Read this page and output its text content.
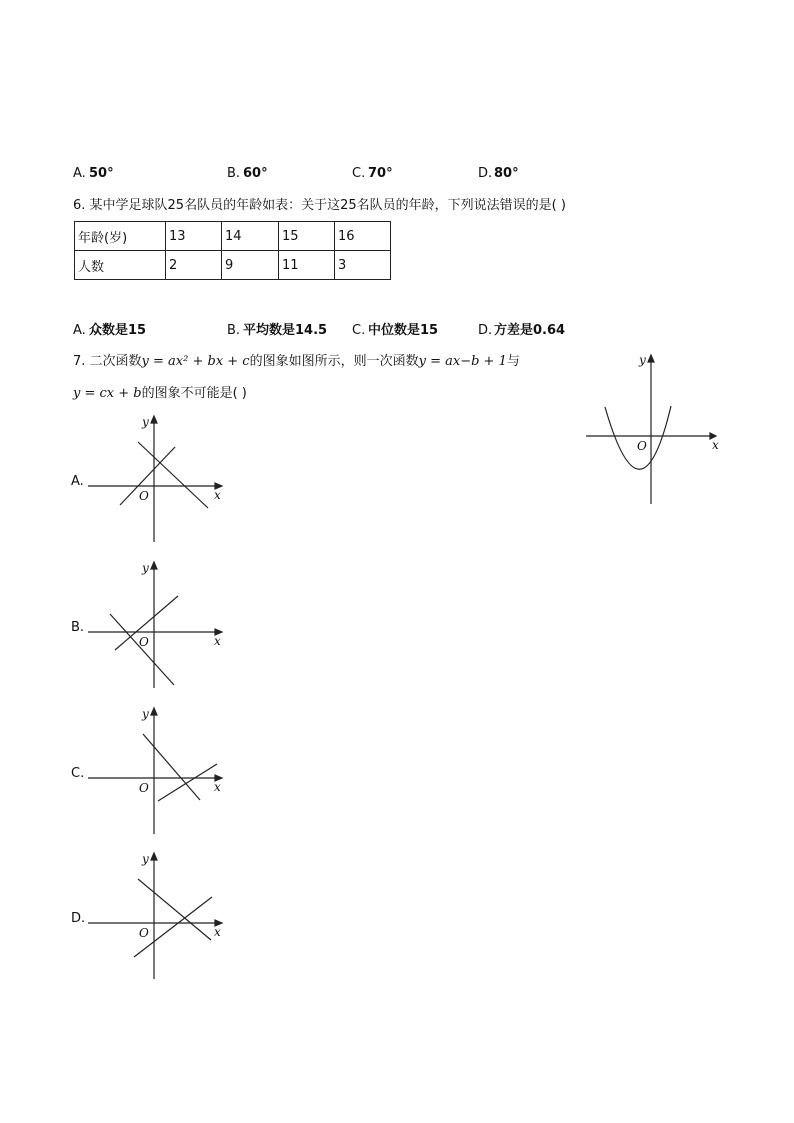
A. 50°	B. 60°	C. 70°	D. 80°
6. 某中学足球队25名队员的年龄如表：关于这25名队员的年龄，下列说法错误的是( )
年龄(岁)	13	14	15	16
人数	2	9	11	3
A. 众数是15	B. 平均数是14.5 C. 中位数是15	D. 方差是0.64
7. 二次函数y = ax² + bx + c的图象如图所示，则一次函数y = ax−b + 1与
y = cx + b的图象不可能是( )
x
y
O
A.
x
y
O
B.
x
y
O
C.
x
y
O
D.
x
y
O
